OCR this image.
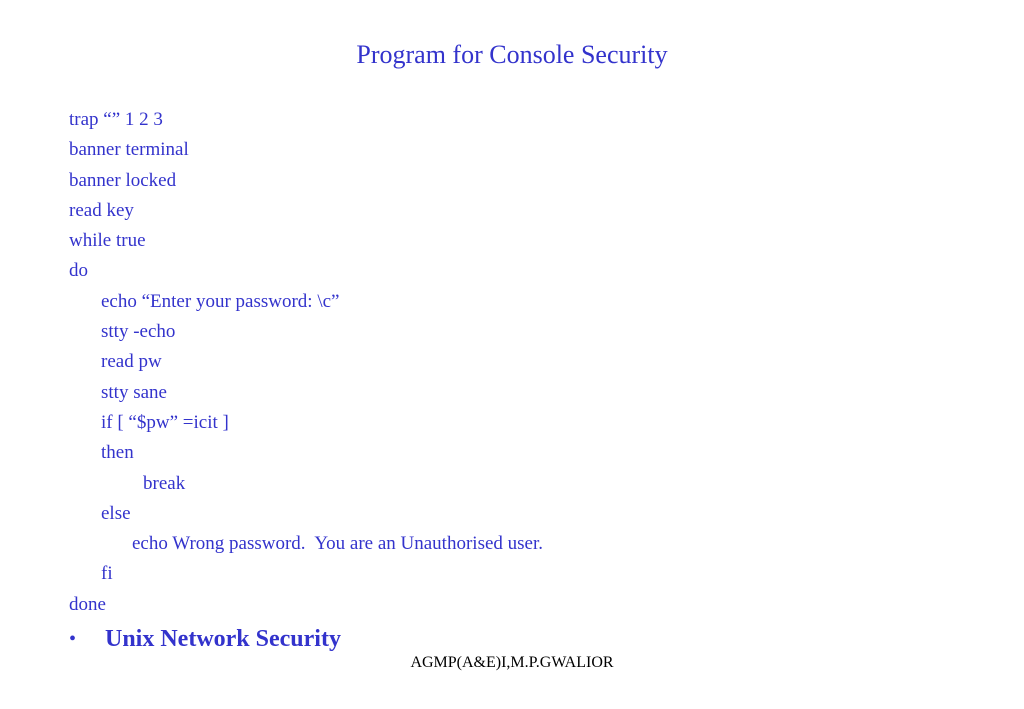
Program for Console Security
trap “” 1 2 3
banner terminal
banner locked
read key
while true
do
echo “Enter your password: \c”
stty -echo
read pw
stty sane
if [ “$pw” =icit ]
then
break
else
echo Wrong password.  You are an Unauthorised user.
fi
done
•	Unix Network Security
AGMP(A&E)I,M.P.GWALIOR
